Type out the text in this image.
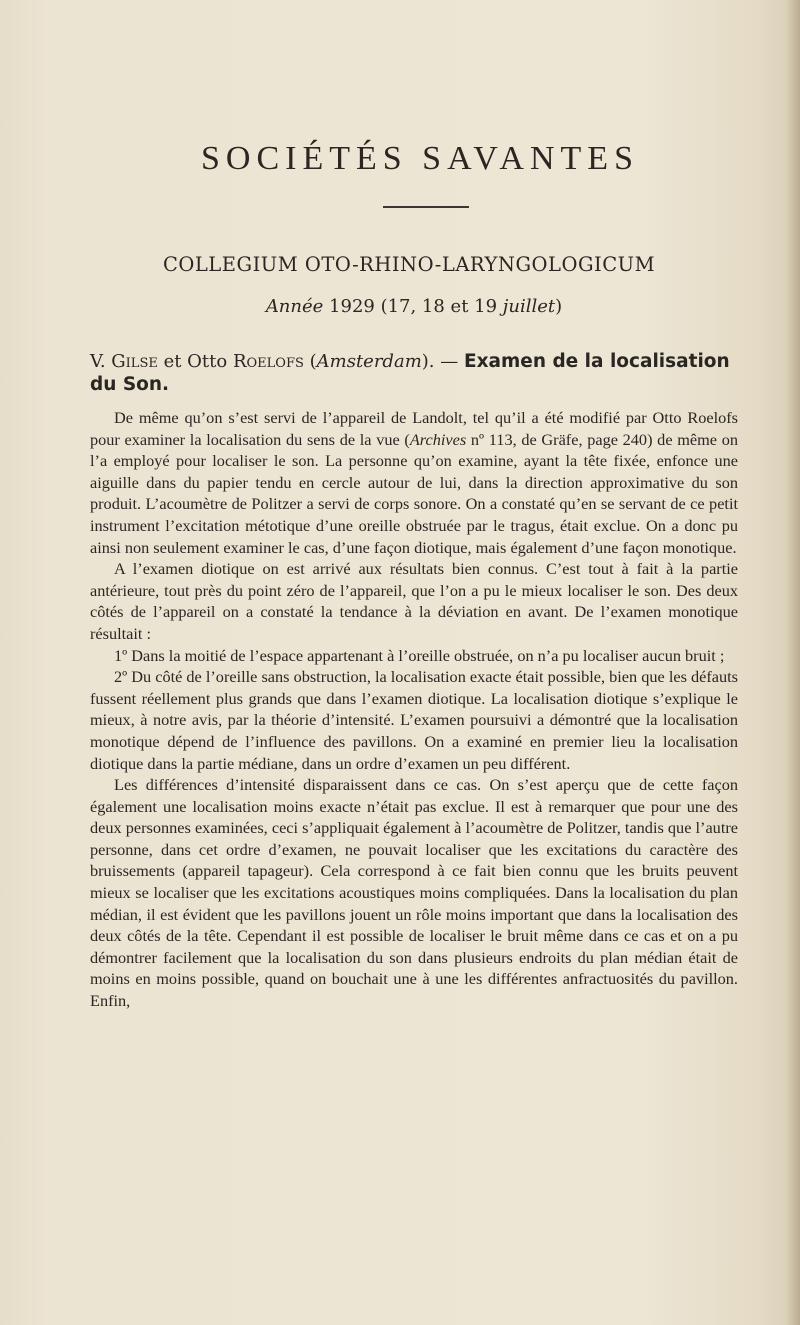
SOCIÉTÉS SAVANTES
COLLEGIUM OTO-RHINO-LARYNGOLOGICUM
Année 1929 (17, 18 et 19 juillet)
V. Gilse et Otto Roelofs (Amsterdam). — Examen de la localisation du Son.

De même qu’on s’est servi de l’appareil de Landolt, tel qu’il a été modifié par Otto Roelofs pour examiner la localisation du sens de la vue (Archives nº 113, de Gräfe, page 240) de même on l’a employé pour localiser le son. La personne qu’on examine, ayant la tête fixée, enfonce une aiguille dans du papier tendu en cercle autour de lui, dans la direction approximative du son produit. L’acoumètre de Politzer a servi de corps sonore. On a constaté qu’en se servant de ce petit instrument l’excitation métotique d’une oreille obstruée par le tragus, était exclue. On a donc pu ainsi non seulement examiner le cas, d’une façon diotique, mais également d’une façon monotique.

A l’examen diotique on est arrivé aux résultats bien connus. C’est tout à fait à la partie antérieure, tout près du point zéro de l’appareil, que l’on a pu le mieux localiser le son. Des deux côtés de l’appareil on a constaté la tendance à la déviation en avant. De l’examen monotique résultait :

1º Dans la moitié de l’espace appartenant à l’oreille obstruée, on n’a pu localiser aucun bruit ;

2º Du côté de l’oreille sans obstruction, la localisation exacte était possible, bien que les défauts fussent réellement plus grands que dans l’examen diotique. La localisation diotique s’explique le mieux, à notre avis, par la théorie d’intensité. L’examen poursuivi a démontré que la localisation monotique dépend de l’influence des pavillons. On a examiné en premier lieu la localisation diotique dans la partie médiane, dans un ordre d’examen un peu différent.

Les différences d’intensité disparaissent dans ce cas. On s’est aperçu que de cette façon également une localisation moins exacte n’était pas exclue. Il est à remarquer que pour une des deux personnes examinées, ceci s’appliquait également à l’acoumètre de Politzer, tandis que l’autre personne, dans cet ordre d’examen, ne pouvait localiser que les excitations du caractère des bruissements (appareil tapageur). Cela correspond à ce fait bien connu que les bruits peuvent mieux se localiser que les excitations acoustiques moins compliquées. Dans la localisation du plan médian, il est évident que les pavillons jouent un rôle moins important que dans la localisation des deux côtés de la tête. Cependant il est possible de localiser le bruit même dans ce cas et on a pu démontrer facilement que la localisation du son dans plusieurs endroits du plan médian était de moins en moins possible, quand on bouchait une à une les différentes anfractuosités du pavillon. Enfin,
